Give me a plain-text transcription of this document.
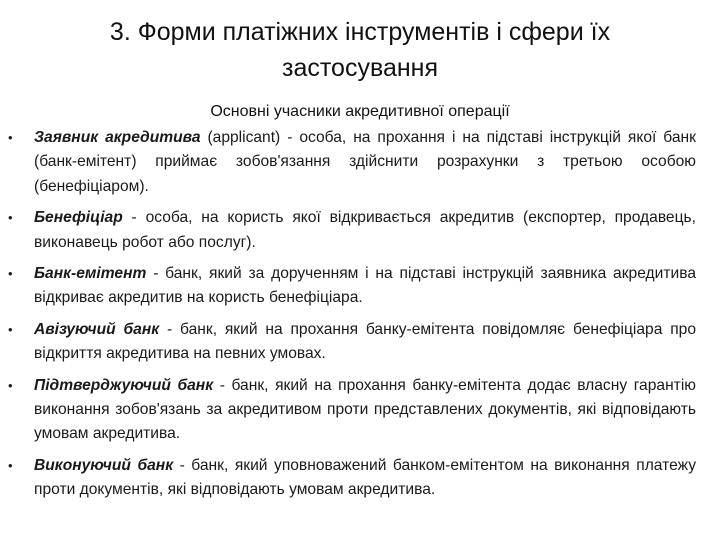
3. Форми платіжних інструментів і сфери їх застосування
Основні учасники акредитивної операції
• Заявник акредитива (applicant) - особа, на прохання і на підставі інструкцій якої банк (банк-емітент) приймає зобов'язання здійснити розрахунки з третьою особою (бенефіціаром).
• Бенефіціар - особа, на користь якої відкривається акредитив (експортер, продавець, виконавець робот або послуг).
• Банк-емітент - банк, який за дорученням і на підставі інструкцій заявника акредитива відкриває акредитив на користь бенефіціара.
• Авізуючий банк - банк, який на прохання банку-емітента повідомляє бенефіціара про відкриття акредитива на певних умовах.
• Підтверджуючий банк - банк, який на прохання банку-емітента додає власну гарантію виконання зобов'язань за акредитивом проти представлених документів, які відповідають умовам акредитива.
• Виконуючий банк - банк, який уповноважений банком-емітентом на виконання платежу проти документів, які відповідають умовам акредитива.
